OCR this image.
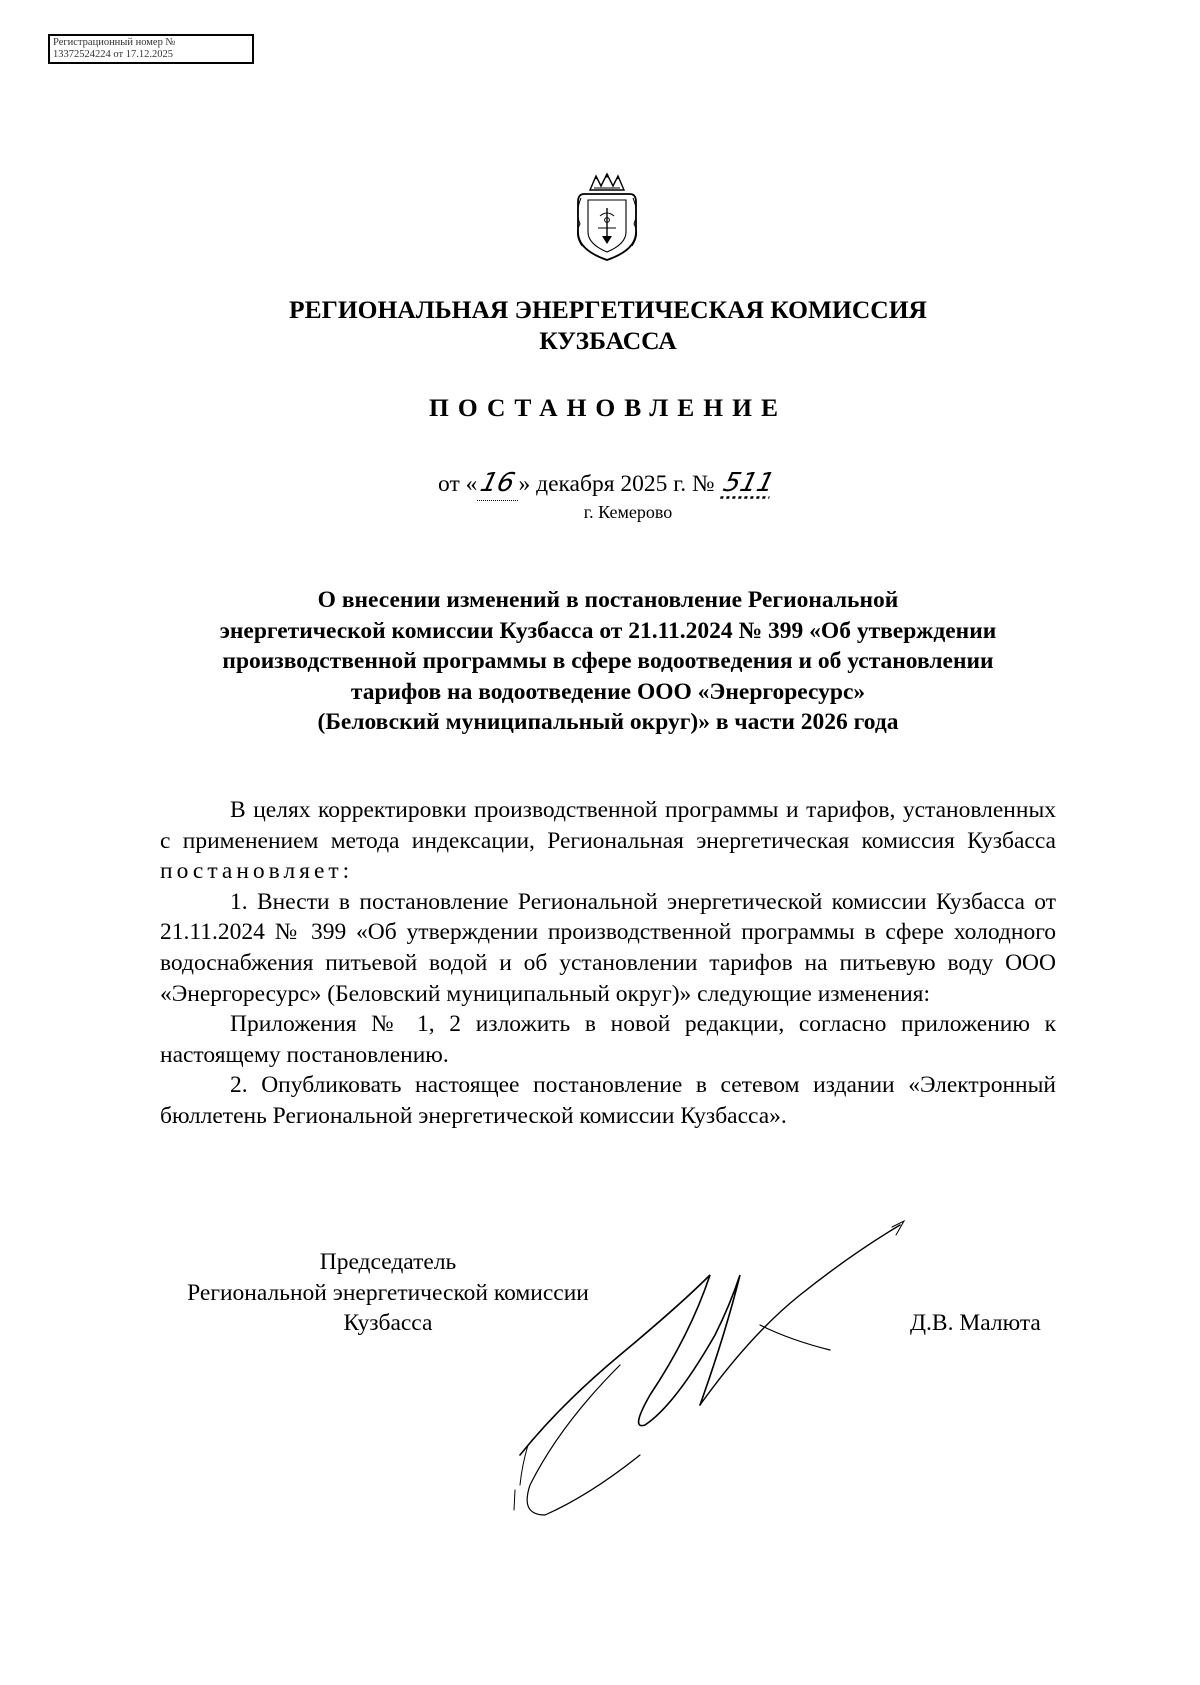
Регистрационный номер №
13372524224 от 17.12.2025
РЕГИОНАЛЬНАЯ ЭНЕРГЕТИЧЕСКАЯ КОМИССИЯ
КУЗБАССА
ПОСТАНОВЛЕНИЕ
от «16» декабря 2025 г. № 511
г. Кемерово
О внесении изменений в постановление Региональной
энергетической комиссии Кузбасса от 21.11.2024 № 399 «Об утверждении
производственной программы в сфере водоотведения и об установлении
тарифов на водоотведение ООО «Энергоресурс»
(Беловский муниципальный округ)» в части 2026 года

В целях корректировки производственной программы и тарифов, установленных с применением метода индексации, Региональная энергетическая комиссия Кузбасса постановляет:

1. Внести в постановление Региональной энергетической комиссии Кузбасса от 21.11.2024 № 399 «Об утверждении производственной программы в сфере холодного водоснабжения питьевой водой и об установлении тарифов на питьевую воду ООО «Энергоресурс» (Беловский муниципальный округ)» следующие изменения:

Приложения № 1, 2 изложить в новой редакции, согласно приложению к настоящему постановлению.

2. Опубликовать настоящее постановление в сетевом издании «Электронный бюллетень Региональной энергетической комиссии Кузбасса».

Председатель
Региональной энергетической комиссии
Кузбасса	Д.В. Малюта
